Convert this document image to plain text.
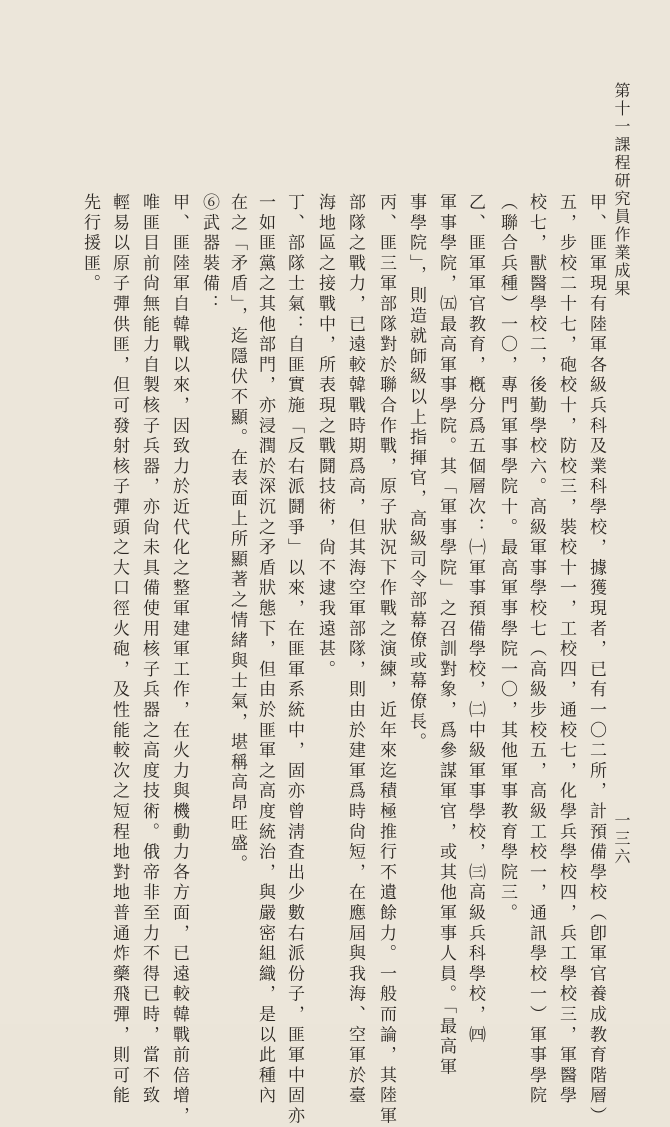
第十一課程研究員作業成果
一三六
甲、匪軍現有陸軍各級兵科及業科學校，據獲現者，已有一〇二所，計預備學校（卽軍官養成教育階層）
五，步校二十七，砲校十，防校三，裝校十一，工校四，通校七，化學兵學校四，兵工學校三，軍醫學
校七，獸醫學校二，後勤學校六。高級軍事學校七（高級步校五，高級工校一，通訊學校一）軍事學院
（聯合兵種）一〇，專門軍事學院十。最高軍事學院一〇，其他軍事教育學院三。
乙、匪軍軍官教育，槪分爲五個層次：㈠軍事預備學校，㈡中級軍事學校，㈢高級兵科學校，㈣
軍事學院，㈤最高軍事學院。其「軍事學院」之召訓對象，爲參謀軍官，或其他軍事人員。「最高軍
事學院」，則造就師級以上指揮官，高級司令部幕僚或幕僚長。
丙、匪三軍部隊對於聯合作戰，原子狀況下作戰之演練，近年來迄積極推行不遺餘力。一般而論，其陸軍
部隊之戰力，已遠較韓戰時期爲高，但其海空軍部隊，則由於建軍爲時尙短，在應屆與我海、空軍於臺
海地區之接戰中，所表現之戰鬪技術，尙不逮我遠甚。
丁、部隊士氣：自匪實施「反右派鬪爭」以來，在匪軍系統中，固亦曾淸査出少數右派份子，匪軍中固亦
一如匪黨之其他部門，亦浸潤於深沉之矛盾狀態下，但由於匪軍之高度統治，與嚴密組織，是以此種內
在之「矛盾」，迄隱伏不顯。在表面上所顯著之情緒與士氣，堪稱高昂旺盛。
⑥武器裝備：
甲、匪陸軍自韓戰以來，因致力於近代化之整軍建軍工作，在火力與機動力各方面，已遠較韓戰前倍增，
唯匪目前尙無能力自製核子兵器，亦尙未具備使用核子兵器之高度技術。俄帝非至力不得已時，當不致
輕易以原子彈供匪，但可發射核子彈頭之大口徑火砲，及性能較次之短程地對地普通炸藥飛彈，則可能
先行援匪。
